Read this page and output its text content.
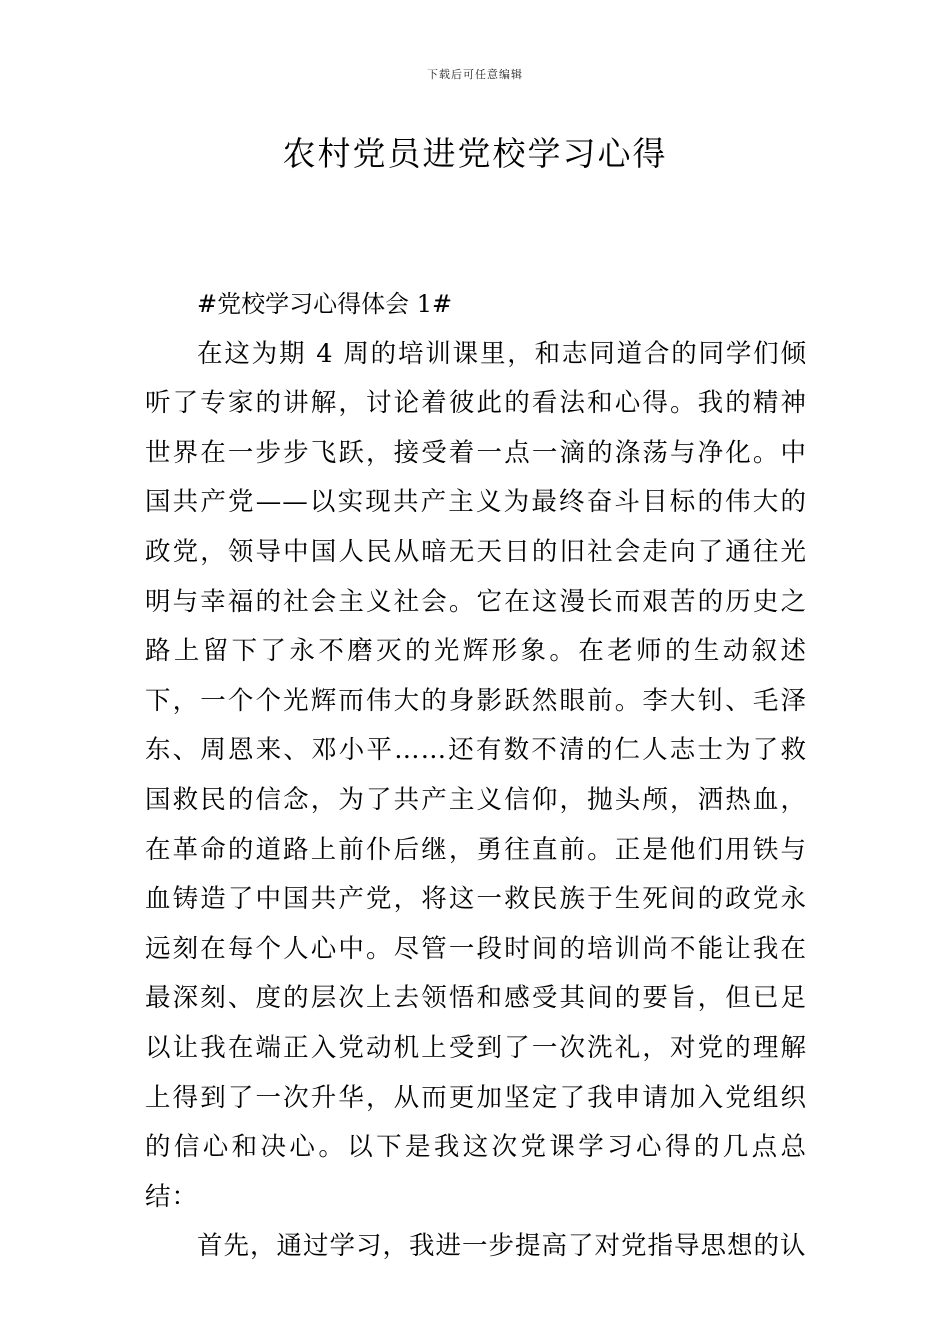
下载后可任意编辑
农村党员进党校学习心得

#党校学习心得体会 1#

在这为期 4 周的培训课里，和志同道合的同学们倾听了专家的讲解，讨论着彼此的看法和心得。我的精神世界在一步步飞跃，接受着一点一滴的涤荡与净化。中国共产党——以实现共产主义为最终奋斗目标的伟大的政党，领导中国人民从暗无天日的旧社会走向了通往光明与幸福的社会主义社会。它在这漫长而艰苦的历史之路上留下了永不磨灭的光辉形象。在老师的生动叙述下，一个个光辉而伟大的身影跃然眼前。李大钊、毛泽东、周恩来、邓小平……还有数不清的仁人志士为了救国救民的信念，为了共产主义信仰，抛头颅，洒热血，在革命的道路上前仆后继，勇往直前。正是他们用铁与血铸造了中国共产党，将这一救民族于生死间的政党永远刻在每个人心中。尽管一段时间的培训尚不能让我在最深刻、度的层次上去领悟和感受其间的要旨，但已足以让我在端正入党动机上受到了一次洗礼，对党的理解上得到了一次升华，从而更加坚定了我申请加入党组织的信心和决心。以下是我这次党课学习心得的几点总结：

首先，通过学习，我进一步提高了对党指导思想的认
